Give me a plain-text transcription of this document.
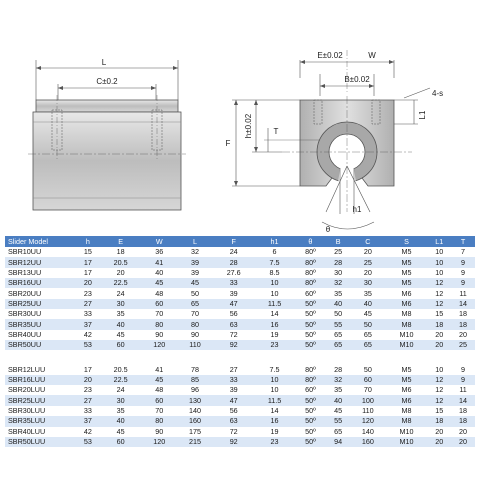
L
C±0.2
E±0.02	W
B±0.02
F
h±0.02	L1
4-s
T
h1
θ
Slider Model	h	E	W	L	F	h1	θ	B	C	S	L1	T
SBR10UU	15	18	36	32	24	6	80º	25	20	M5	10	7
SBR12UU	17	20.5	41	39	28	7.5	80º	28	25	M5	10	9
SBR13UU	17	20	40	39	27.6	8.5	80º	30	20	M5	10	9
SBR16UU	20	22.5	45	45	33	10	80º	32	30	M5	12	9
SBR20UU	23	24	48	50	39	10	60º	35	35	M6	12	11
SBR25UU	27	30	60	65	47	11.5	50º	40	40	M6	12	14
SBR30UU	33	35	70	70	56	14	50º	50	45	M8	15	18
SBR35UU	37	40	80	80	63	16	50º	55	50	M8	18	18
SBR40UU	42	45	90	90	72	19	50º	65	65	M10	20	20
SBR50UU	53	60	120	110	92	23	50º	65	65	M10	20	25

SBR12LUU	17	20.5	41	78	27	7.5	80º	28	50	M5	10	9
SBR16LUU	20	22.5	45	85	33	10	80º	32	60	M5	12	9
SBR20LUU	23	24	48	96	39	10	60º	35	70	M6	12	11
SBR25LUU	27	30	60	130	47	11.5	50º	40	100	M6	12	14
SBR30LUU	33	35	70	140	56	14	50º	45	110	M8	15	18
SBR35LUU	37	40	80	160	63	16	50º	55	120	M8	18	18
SBR40LUU	42	45	90	175	72	19	50º	65	140	M10	20	20
SBR50LUU	53	60	120	215	92	23	50º	94	160	M10	20	20
